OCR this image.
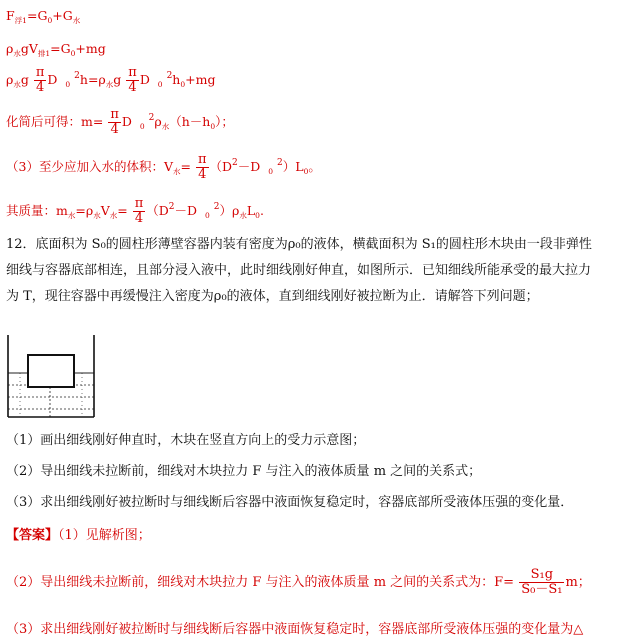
$F_{浮1}=G_0+G_水$
$\rho_水gV_{排1}=G_0+mg$
$\rho_水g \frac{\pi}{4}$ D $_0$ $^2h=\rho_水g \frac{\pi}{4}$ D $_0$ $^2h_0+mg$
化简后可得：$m= \frac{\pi}{4}$ D $_0$ $^2\rho_水(h-h_0)$；
（3）至少应加入水的体积：$V_水= \frac{\pi}{4} (D^2-D$ $_0$ $^2)L_0$。
其质量：$m_水=\rho_水V_水= \frac{\pi}{4} (D^2-D$ $_0$ $^2)\rho_水L_0$.
12．底面积为 S₀的圆柱形薄壁容器内装有密度为ρ₀的液体，横截面积为 S₁的圆柱形木块由一段非弹性
细线与容器底部相连，且部分浸入液中，此时细线刚好伸直，如图所示．已知细线所能承受的最大拉力
为 T，现往容器中再缓慢注入密度为ρ₀的液体，直到细线刚好被拉断为止．请解答下列问题；
（1）画出细线刚好伸直时，木块在竖直方向上的受力示意图；
（2）导出细线未拉断前，细线对木块拉力 F 与注入的液体质量 m 之间的关系式；
（3）求出细线刚好被拉断时与细线断后容器中液面恢复稳定时，容器底部所受液体压强的变化量．
【答案】（1）见解析图；
（2）导出细线未拉断前，细线对木块拉力 F 与注入的液体质量 m 之间的关系式为：$F= \frac{\text{S₁g}}{\text{S₀－S₁}}$ m；
（3）求出细线刚好被拉断时与细线断后容器中液面恢复稳定时，容器底部所受液体压强的变化量为△
